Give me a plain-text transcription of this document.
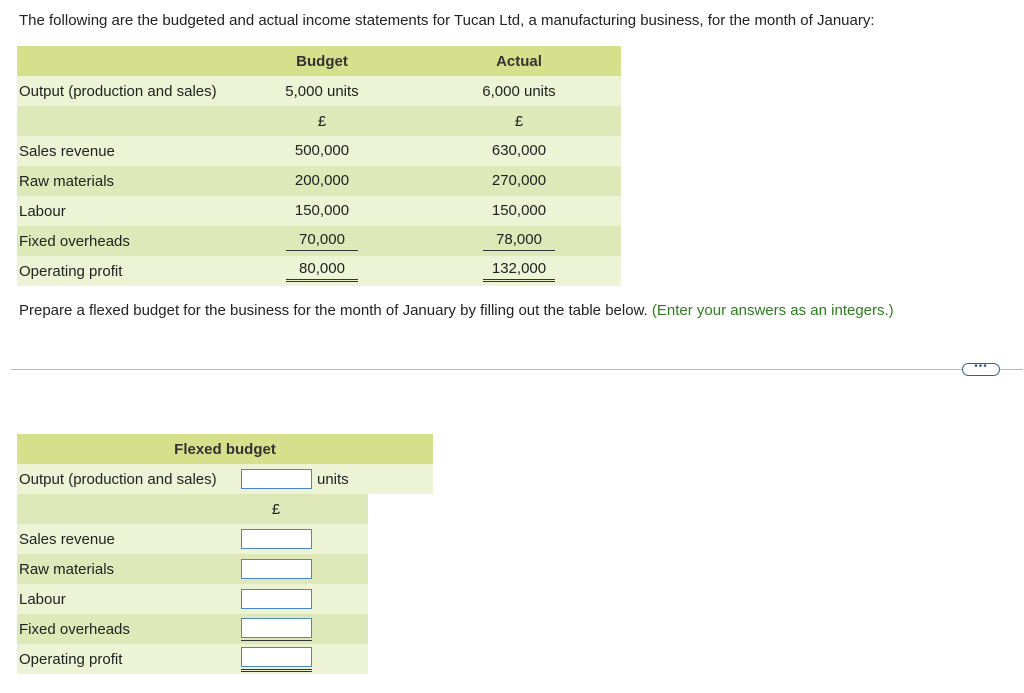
The following are the budgeted and actual income statements for Tucan Ltd, a manufacturing business, for the month of January:
	Budget	Actual
Output (production and sales)	5,000 units	6,000 units
	£	£
Sales revenue	500,000	630,000
Raw materials	200,000	270,000
Labour	150,000	150,000
Fixed overheads	70,000	78,000
Operating profit	80,000	132,000
Prepare a flexed budget for the business for the month of January by filling out the table below. (Enter your answers as an integers.)
•••
Flexed budget			
Output (production and sales)		units	
	£		
Sales revenue			
Raw materials			
Labour			
Fixed overheads			
Operating profit			
